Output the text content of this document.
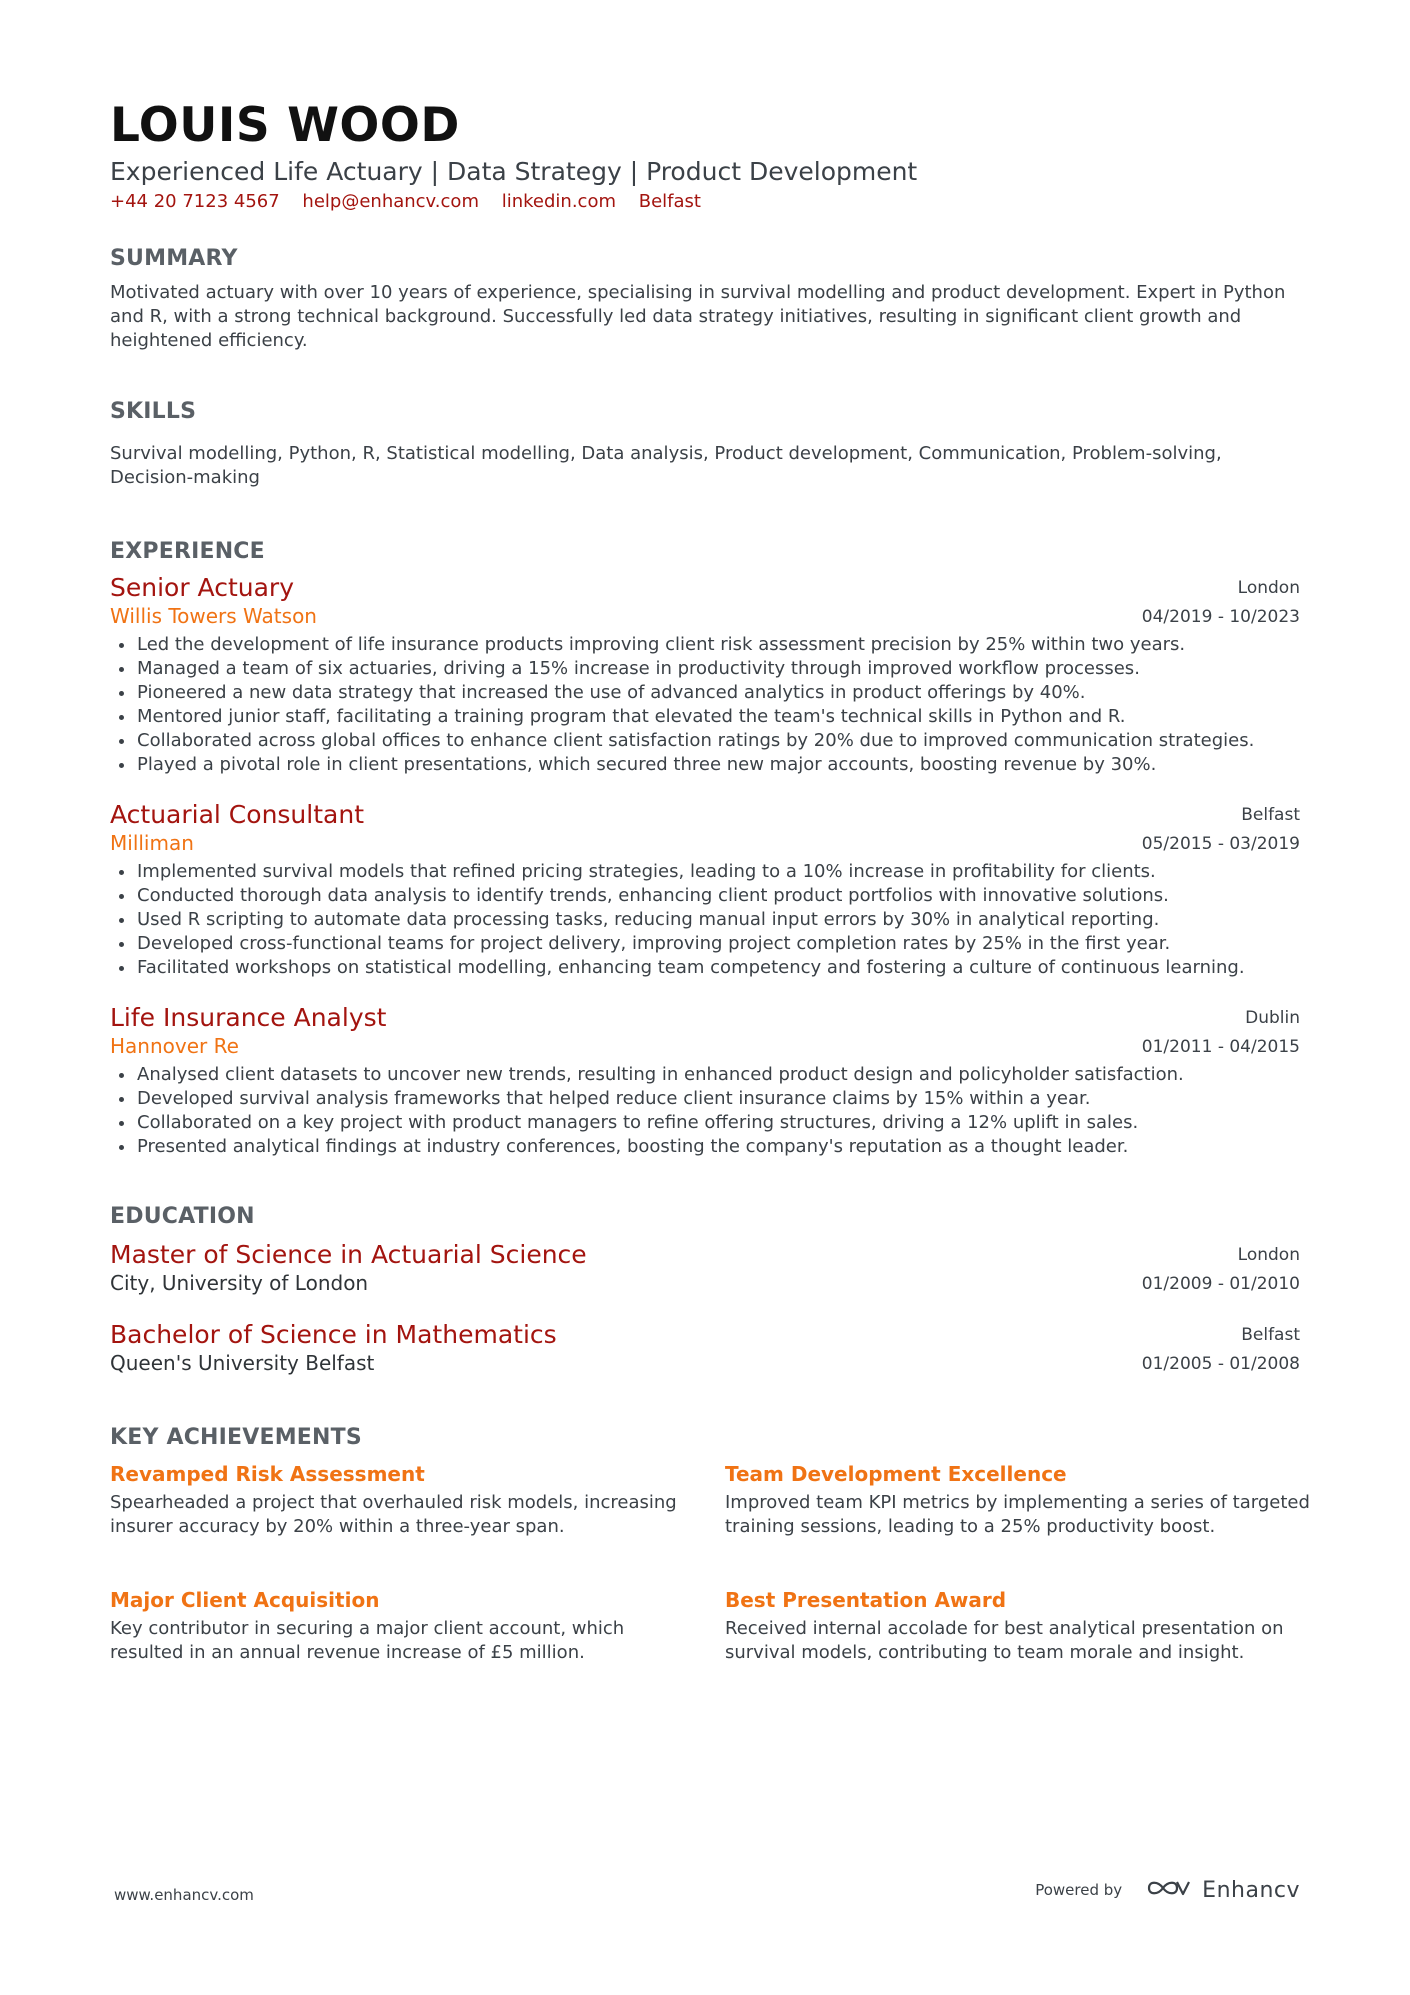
LOUIS WOOD
Experienced Life Actuary | Data Strategy | Product Development
+44 20 7123 4567 help@enhancv.com linkedin.com Belfast
SUMMARY
Motivated actuary with over 10 years of experience, specialising in survival modelling and product development. Expert in Python and R, with a strong technical background. Successfully led data strategy initiatives, resulting in significant client growth and heightened efficiency.
SKILLS
Survival modelling, Python, R, Statistical modelling, Data analysis, Product development, Communication, Problem-solving, Decision-making
EXPERIENCE
Senior Actuary
Willis Towers Watson
London
04/2019 - 10/2023
Led the development of life insurance products improving client risk assessment precision by 25% within two years.
Managed a team of six actuaries, driving a 15% increase in productivity through improved workflow processes.
Pioneered a new data strategy that increased the use of advanced analytics in product offerings by 40%.
Mentored junior staff, facilitating a training program that elevated the team's technical skills in Python and R.
Collaborated across global offices to enhance client satisfaction ratings by 20% due to improved communication strategies.
Played a pivotal role in client presentations, which secured three new major accounts, boosting revenue by 30%.
Actuarial Consultant
Milliman
Belfast
05/2015 - 03/2019
Implemented survival models that refined pricing strategies, leading to a 10% increase in profitability for clients.
Conducted thorough data analysis to identify trends, enhancing client product portfolios with innovative solutions.
Used R scripting to automate data processing tasks, reducing manual input errors by 30% in analytical reporting.
Developed cross-functional teams for project delivery, improving project completion rates by 25% in the first year.
Facilitated workshops on statistical modelling, enhancing team competency and fostering a culture of continuous learning.
Life Insurance Analyst
Hannover Re
Dublin
01/2011 - 04/2015
Analysed client datasets to uncover new trends, resulting in enhanced product design and policyholder satisfaction.
Developed survival analysis frameworks that helped reduce client insurance claims by 15% within a year.
Collaborated on a key project with product managers to refine offering structures, driving a 12% uplift in sales.
Presented analytical findings at industry conferences, boosting the company's reputation as a thought leader.
EDUCATION
Master of Science in Actuarial Science
City, University of London
London
01/2009 - 01/2010
Bachelor of Science in Mathematics
Queen's University Belfast
Belfast
01/2005 - 01/2008
KEY ACHIEVEMENTS
Revamped Risk Assessment
Spearheaded a project that overhauled risk models, increasing insurer accuracy by 20% within a three-year span.
Team Development Excellence
Improved team KPI metrics by implementing a series of targeted training sessions, leading to a 25% productivity boost.
Major Client Acquisition
Key contributor in securing a major client account, which resulted in an annual revenue increase of £5 million.
Best Presentation Award
Received internal accolade for best analytical presentation on survival models, contributing to team morale and insight.
www.enhancv.com	Powered by	Enhancv
